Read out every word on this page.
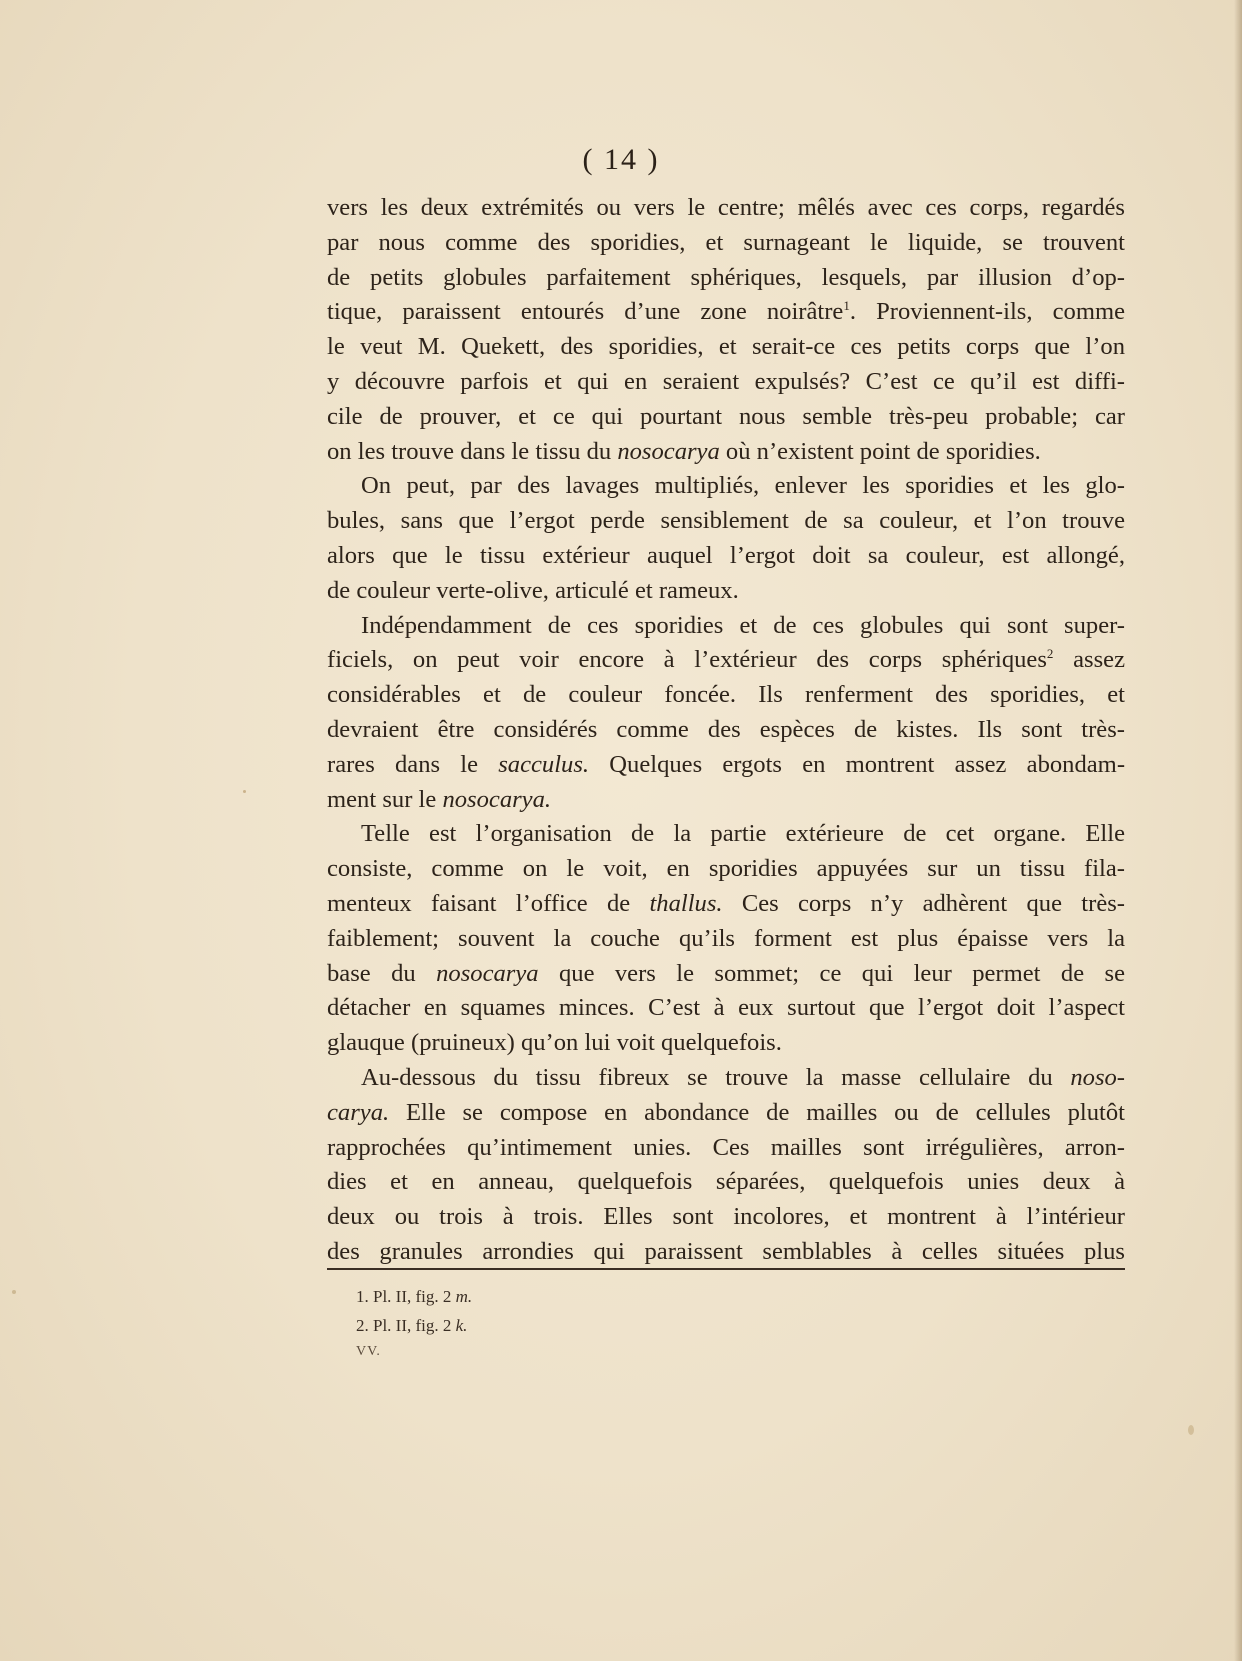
( 14 )
vers les deux extrémités ou vers le centre; mêlés avec ces corps, regardés
par nous comme des sporidies, et surnageant le liquide, se trouvent
de petits globules parfaitement sphériques, lesquels, par illusion d’op-
tique, paraissent entourés d’une zone noirâtre$^1$. Proviennent-ils, comme
le veut M. Quekett, des sporidies, et serait-ce ces petits corps que l’on
y découvre parfois et qui en seraient expulsés? C’est ce qu’il est diffi-
cile de prouver, et ce qui pourtant nous semble très-peu probable; car
on les trouve dans le tissu du nosocarya où n’existent point de sporidies.
On peut, par des lavages multipliés, enlever les sporidies et les glo-
bules, sans que l’ergot perde sensiblement de sa couleur, et l’on trouve
alors que le tissu extérieur auquel l’ergot doit sa couleur, est allongé,
de couleur verte-olive, articulé et rameux.
Indépendamment de ces sporidies et de ces globules qui sont super-
ficiels, on peut voir encore à l’extérieur des corps sphériques$^2$ assez
considérables et de couleur foncée. Ils renferment des sporidies, et
devraient être considérés comme des espèces de kistes. Ils sont très-
rares dans le sacculus. Quelques ergots en montrent assez abondam-
ment sur le nosocarya.
Telle est l’organisation de la partie extérieure de cet organe. Elle
consiste, comme on le voit, en sporidies appuyées sur un tissu fila-
menteux faisant l’office de thallus. Ces corps n’y adhèrent que très-
faiblement; souvent la couche qu’ils forment est plus épaisse vers la
base du nosocarya que vers le sommet; ce qui leur permet de se
détacher en squames minces. C’est à eux surtout que l’ergot doit l’aspect
glauque (pruineux) qu’on lui voit quelquefois.
Au-dessous du tissu fibreux se trouve la masse cellulaire du noso-
carya. Elle se compose en abondance de mailles ou de cellules plutôt
rapprochées qu’intimement unies. Ces mailles sont irrégulières, arron-
dies et en anneau, quelquefois séparées, quelquefois unies deux à
deux ou trois à trois. Elles sont incolores, et montrent à l’intérieur
des granules arrondies qui paraissent semblables à celles situées plus
1. Pl. II, fig. 2 m.
2. Pl. II, fig. 2 k.
VV.
